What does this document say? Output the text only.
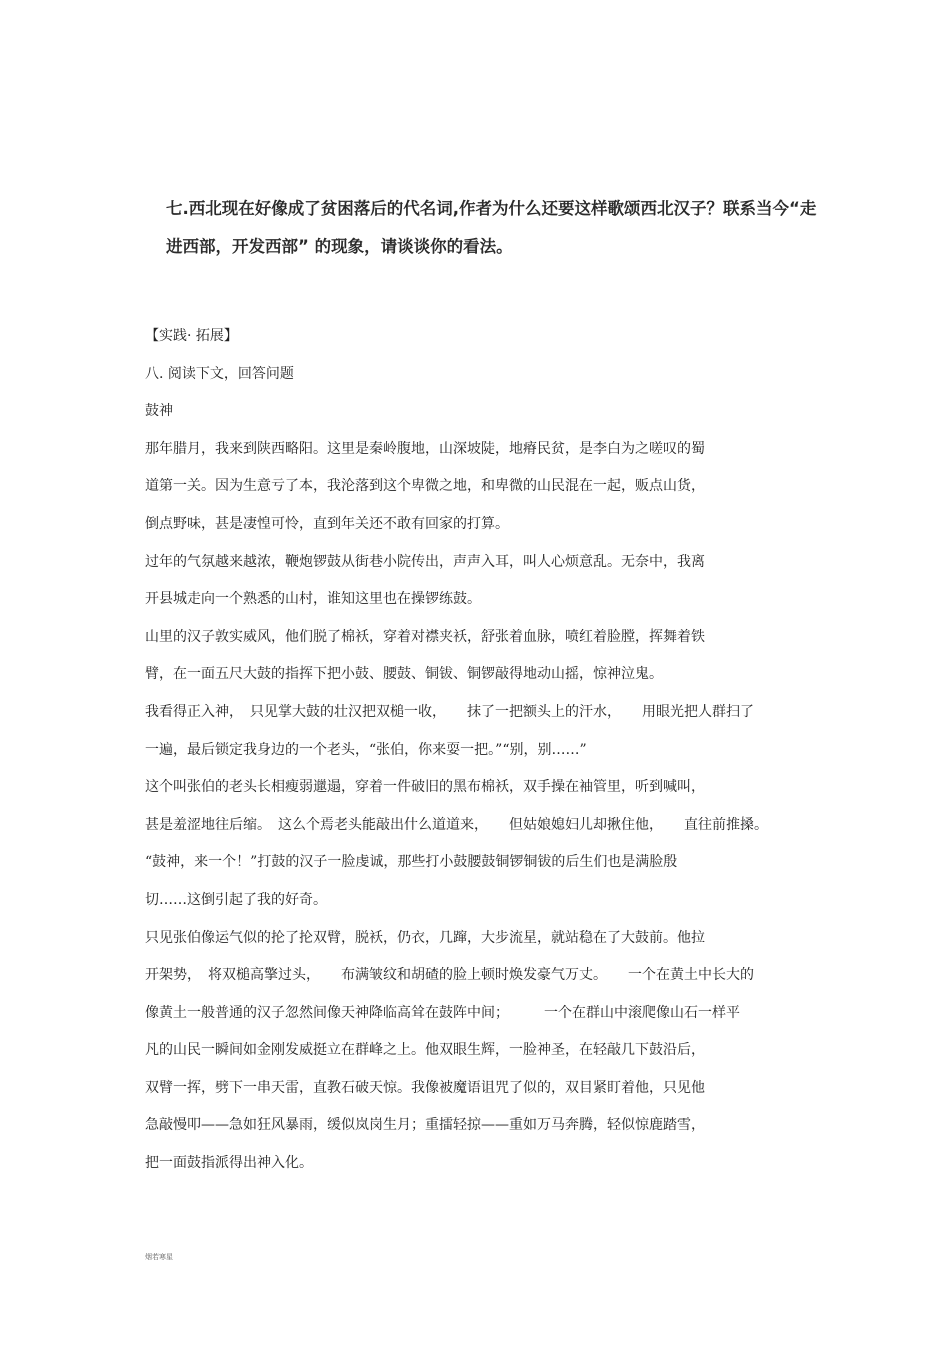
七.西北现在好像成了贫困落后的代名词,作者为什么还要这样歌颂西北汉子？联系当今“走
进西部，开发西部” 的现象，请谈谈你的看法。
【实践· 拓展】
八. 阅读下文，回答问题
鼓神
那年腊月，我来到陕西略阳。这里是秦岭腹地，山深坡陡，地瘠民贫，是李白为之嗟叹的蜀
道第一关。因为生意亏了本，我沦落到这个卑微之地，和卑微的山民混在一起，贩点山货，
倒点野味，甚是凄惶可怜，直到年关还不敢有回家的打算。
过年的气氛越来越浓，鞭炮锣鼓从街巷小院传出，声声入耳，叫人心烦意乱。无奈中，我离
开县城走向一个熟悉的山村，谁知这里也在操锣练鼓。
山里的汉子敦实威风，他们脱了棉袄，穿着对襟夹袄，舒张着血脉，喷红着脸膛，挥舞着铁
臂，在一面五尺大鼓的指挥下把小鼓、腰鼓、铜钹、铜锣敲得地动山摇，惊神泣鬼。
我看得正入神，　只见掌大鼓的壮汉把双槌一收，　　抹了一把额头上的汗水，　　用眼光把人群扫了
一遍，最后锁定我身边的一个老头，“张伯，你来耍一把。”“别，别……”
这个叫张伯的老头长相瘦弱邋遢，穿着一件破旧的黑布棉袄，双手操在袖管里，听到喊叫，
甚是羞涩地往后缩。　这么个焉老头能敲出什么道道来，　　但姑娘媳妇儿却揪住他，　　直往前推搡。
“鼓神，来一个！”打鼓的汉子一脸虔诚，那些打小鼓腰鼓铜锣铜钹的后生们也是满脸殷
切……这倒引起了我的好奇。
只见张伯像运气似的抡了抡双臂，脱袄，仍衣，几蹿，大步流星，就站稳在了大鼓前。他拉
开架势，　将双槌高擎过头，　　布满皱纹和胡碴的脸上顿时焕发豪气万丈。　　一个在黄土中长大的
像黄土一般普通的汉子忽然间像天神降临高耸在鼓阵中间；　　　一个在群山中滚爬像山石一样平
凡的山民一瞬间如金刚发威挺立在群峰之上。他双眼生辉，一脸神圣，在轻敲几下鼓沿后，
双臂一挥，劈下一串天雷，直教石破天惊。我像被魔语诅咒了似的，双目紧盯着他，只见他
急敲慢叩——急如狂风暴雨，缓似岚岗生月；重擂轻掠——重如万马奔腾，轻似惊鹿踏雪，
把一面鼓指派得出神入化。
烟若寒星
